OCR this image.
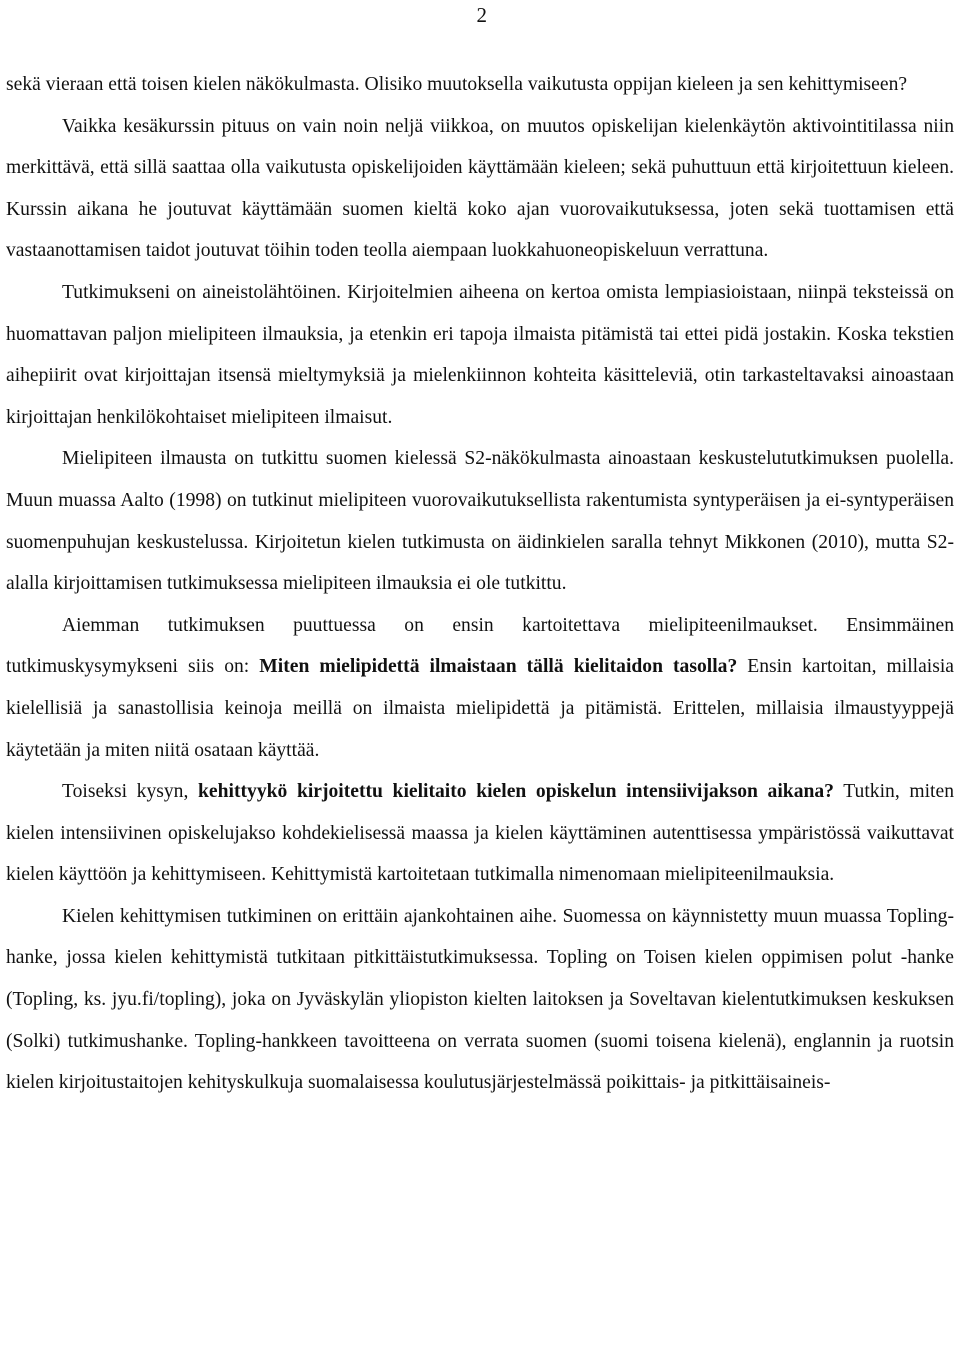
2

sekä vieraan että toisen kielen näkökulmasta. Olisiko muutoksella vaikutusta oppijan kieleen ja sen kehittymiseen?

Vaikka kesäkurssin pituus on vain noin neljä viikkoa, on muutos opiskelijan kielenkäytön aktivointitilassa niin merkittävä, että sillä saattaa olla vaikutusta opiskelijoiden käyttämään kieleen; sekä puhuttuun että kirjoitettuun kieleen. Kurssin aikana he joutuvat käyttämään suomen kieltä koko ajan vuorovaikutuksessa, joten sekä tuottamisen että vastaanottamisen taidot joutuvat töihin toden teolla aiempaan luokkahuoneopiskeluun verrattuna.

Tutkimukseni on aineistolähtöinen. Kirjoitelmien aiheena on kertoa omista lempiasioistaan, niinpä teksteissä on huomattavan paljon mielipiteen ilmauksia, ja etenkin eri tapoja ilmaista pitämistä tai ettei pidä jostakin. Koska tekstien aihepiirit ovat kirjoittajan itsensä mieltymyksiä ja mielenkiinnon kohteita käsitteleviä, otin tarkasteltavaksi ainoastaan kirjoittajan henkilökohtaiset mielipiteen ilmaisut.

Mielipiteen ilmausta on tutkittu suomen kielessä S2-näkökulmasta ainoastaan keskustelututkimuksen puolella. Muun muassa Aalto (1998) on tutkinut mielipiteen vuorovaikutuksellista rakentumista syntyperäisen ja ei-syntyperäisen suomenpuhujan keskustelussa. Kirjoitetun kielen tutkimusta on äidinkielen saralla tehnyt Mikkonen (2010), mutta S2-alalla kirjoittamisen tutkimuksessa mielipiteen ilmauksia ei ole tutkittu.

Aiemman tutkimuksen puuttuessa on ensin kartoitettava mielipiteenilmaukset. Ensimmäinen tutkimuskysymykseni siis on: Miten mielipidettä ilmaistaan tällä kielitaidon tasolla? Ensin kartoitan, millaisia kielellisiä ja sanastollisia keinoja meillä on ilmaista mielipidettä ja pitämistä. Erittelen, millaisia ilmaustyyppejä käytetään ja miten niitä osataan käyttää.

Toiseksi kysyn, kehittyykö kirjoitettu kielitaito kielen opiskelun intensiivijakson aikana? Tutkin, miten kielen intensiivinen opiskelujakso kohdekielisessä maassa ja kielen käyttäminen autenttisessa ympäristössä vaikuttavat kielen käyttöön ja kehittymiseen. Kehittymistä kartoitetaan tutkimalla nimenomaan mielipiteenilmauksia.

Kielen kehittymisen tutkiminen on erittäin ajankohtainen aihe. Suomessa on käynnistetty muun muassa Topling-hanke, jossa kielen kehittymistä tutkitaan pitkittäistutkimuksessa. Topling on Toisen kielen oppimisen polut -hanke (Topling, ks. jyu.fi/topling), joka on Jyväskylän yliopiston kielten laitoksen ja Soveltavan kielentutkimuksen keskuksen (Solki) tutkimushanke. Topling-hankkeen tavoitteena on verrata suomen (suomi toisena kielenä), englannin ja ruotsin kielen kirjoitustaitojen kehityskulkuja suomalaisessa koulutusjärjestelmässä poikittais- ja pitkittäisaineis-
